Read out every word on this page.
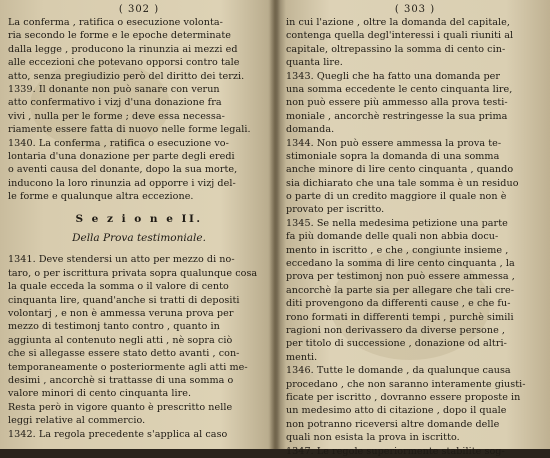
( 302 )
La conferma , ratifica o esecuzione volonta-
ria secondo le forme e le epoche determinate
dalla legge , producono la rinunzia ai mezzi ed
alle eccezioni che potevano opporsi contro tale
atto, senza pregiudizio però del diritto dei terzi.
1339. Il donante non può sanare con verun
atto confermativo i vizj d'una donazione fra
vivi , nulla per le forme ; deve essa necessa-
riamente essere fatta di nuovo nelle forme legali.
1340. La conferma , ratifica o esecuzione vo-
lontaria d'una donazione per parte degli eredi
o aventi causa del donante, dopo la sua morte,
inducono la loro rinunzia ad opporre i vizj del-
le forme e qualunque altra eccezione.
S e z i o n e II.
Della Prova testimoniale.
1341. Deve stendersi un atto per mezzo di no-
taro, o per iscrittura privata sopra qualunque cosa
la quale ecceda la somma o il valore di cento
cinquanta lire, quand'anche si tratti di depositi
volontarj , e non è ammessa veruna prova per
mezzo di testimonj tanto contro , quanto in
aggiunta al contenuto negli atti , nè sopra ciò
che si allegasse essere stato detto avanti , con-
temporaneamente o posteriormente agli atti me-
desimi , ancorchè si trattasse di una somma o
valore minori di cento cinquanta lire.
Resta però in vigore quanto è prescritto nelle
leggi relative al commercio.
1342. La regola precedente s'applica al caso
( 303 )
in cui l'azione , oltre la domanda del capitale,
contenga quella degl'interessi i quali riuniti al
capitale, oltrepassino la somma di cento cin-
quanta lire.
1343. Quegli che ha fatto una domanda per
una somma eccedente le cento cinquanta lire,
non può essere più ammesso alla prova testi-
moniale , ancorchè restringesse la sua prima
domanda.
1344. Non può essere ammessa la prova te-
stimoniale sopra la domanda di una somma
anche minore di lire cento cinquanta , quando
sia dichiarato che una tale somma è un residuo
o parte di un credito maggiore il quale non è
provato per iscritto.
1345. Se nella medesima petizione una parte
fa più domande delle quali non abbia docu-
mento in iscritto , e che , congiunte insieme ,
eccedano la somma di lire cento cinquanta , la
prova per testimonj non può essere ammessa ,
ancorchè la parte sia per allegare che tali cre-
diti provengono da differenti cause , e che fu-
rono formati in differenti tempi , purchè simili
ragioni non derivassero da diverse persone ,
per titolo di successione , donazione od altri-
menti.
1346. Tutte le domande , da qualunque causa
procedano , che non saranno interamente giusti-
ficate per iscritto , dovranno essere proposte in
un medesimo atto di citazione , dopo il quale
non potranno riceversi altre domande delle
quali non esista la prova in iscritto.
1347. Le regole superiormente stabilite sog-
